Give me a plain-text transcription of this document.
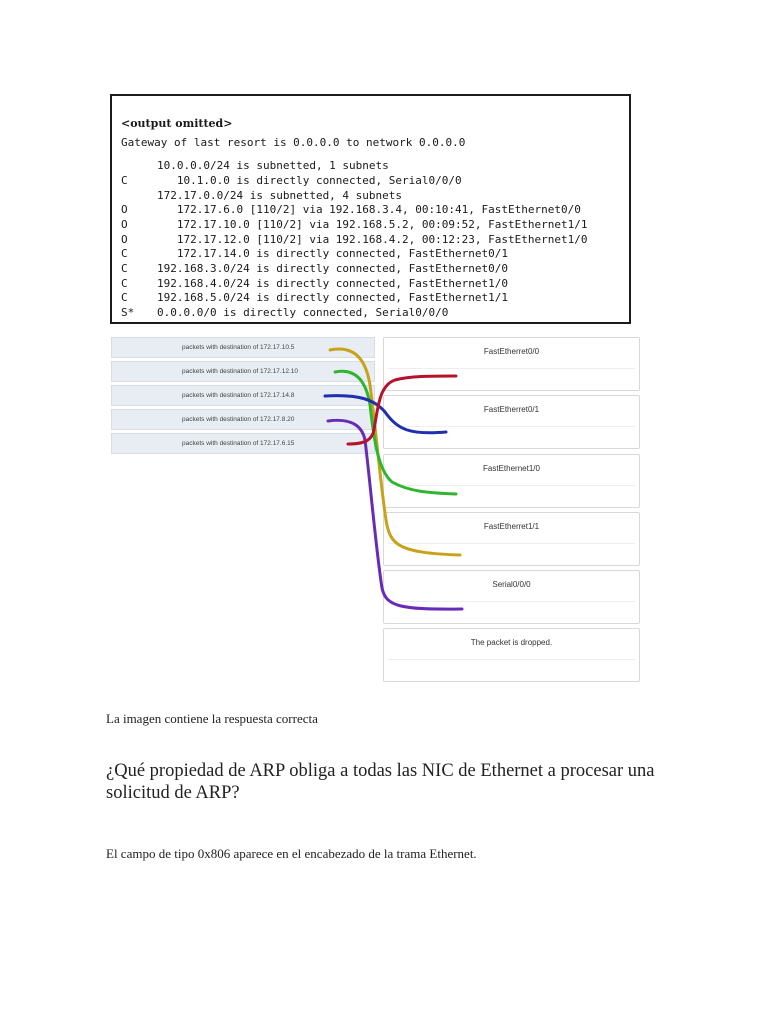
<output omitted>
Gateway of last resort is 0.0.0.0 to network 0.0.0.0
10.0.0.0/24 is subnetted, 1 subnets
C	10.1.0.0 is directly connected, Serial0/0/0
172.17.0.0/24 is subnetted, 4 subnets
O	172.17.6.0 [110/2] via 192.168.3.4, 00:10:41, FastEthernet0/0
O	172.17.10.0 [110/2] via 192.168.5.2, 00:09:52, FastEthernet1/1
O	172.17.12.0 [110/2] via 192.168.4.2, 00:12:23, FastEthernet1/0
C	172.17.14.0 is directly connected, FastEthernet0/1
C	192.168.3.0/24 is directly connected, FastEthernet0/0
C	192.168.4.0/24 is directly connected, FastEthernet1/0
C	192.168.5.0/24 is directly connected, FastEthernet1/1
S* 0.0.0.0/0 is directly connected, Serial0/0/0

packets with destination of 172.17.10.5
packets with destination of 172.17.12.10
packets with destination of 172.17.14.8
packets with destination of 172.17.8.20
packets with destination of 172.17.6.15
FastEtherret0/0
FastEtherret0/1
FastEthernet1/0
FastEtherret1/1
Serial0/0/0
The packet is dropped.
La imagen contiene la respuesta correcta
¿Qué propiedad de ARP obliga a todas las NIC de Ethernet a procesar una solicitud de ARP?
El campo de tipo 0x806 aparece en el encabezado de la trama Ethernet.
